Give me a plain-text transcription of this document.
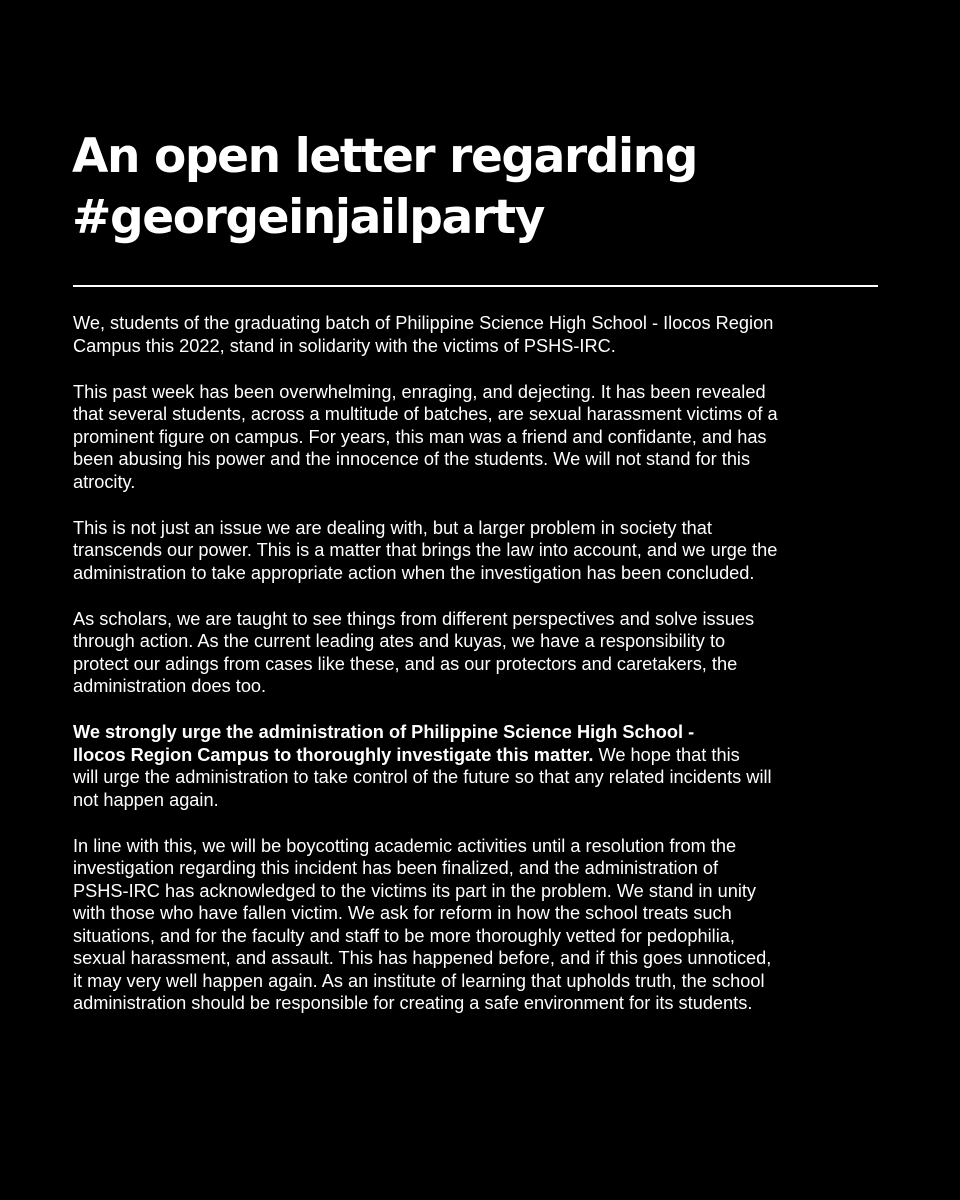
An open letter regarding
#georgeinjailparty

We, students of the graduating batch of Philippine Science High School - Ilocos Region
Campus this 2022, stand in solidarity with the victims of PSHS-IRC.

This past week has been overwhelming, enraging, and dejecting. It has been revealed
that several students, across a multitude of batches, are sexual harassment victims of a
prominent figure on campus. For years, this man was a friend and confidante, and has
been abusing his power and the innocence of the students. We will not stand for this
atrocity.

This is not just an issue we are dealing with, but a larger problem in society that
transcends our power. This is a matter that brings the law into account, and we urge the
administration to take appropriate action when the investigation has been concluded.

As scholars, we are taught to see things from different perspectives and solve issues
through action. As the current leading ates and kuyas, we have a responsibility to
protect our adings from cases like these, and as our protectors and caretakers, the
administration does too.

We strongly urge the administration of Philippine Science High School -
Ilocos Region Campus to thoroughly investigate this matter. We hope that this
will urge the administration to take control of the future so that any related incidents will
not happen again.

In line with this, we will be boycotting academic activities until a resolution from the
investigation regarding this incident has been finalized, and the administration of
PSHS-IRC has acknowledged to the victims its part in the problem. We stand in unity
with those who have fallen victim. We ask for reform in how the school treats such
situations, and for the faculty and staff to be more thoroughly vetted for pedophilia,
sexual harassment, and assault. This has happened before, and if this goes unnoticed,
it may very well happen again. As an institute of learning that upholds truth, the school
administration should be responsible for creating a safe environment for its students.
